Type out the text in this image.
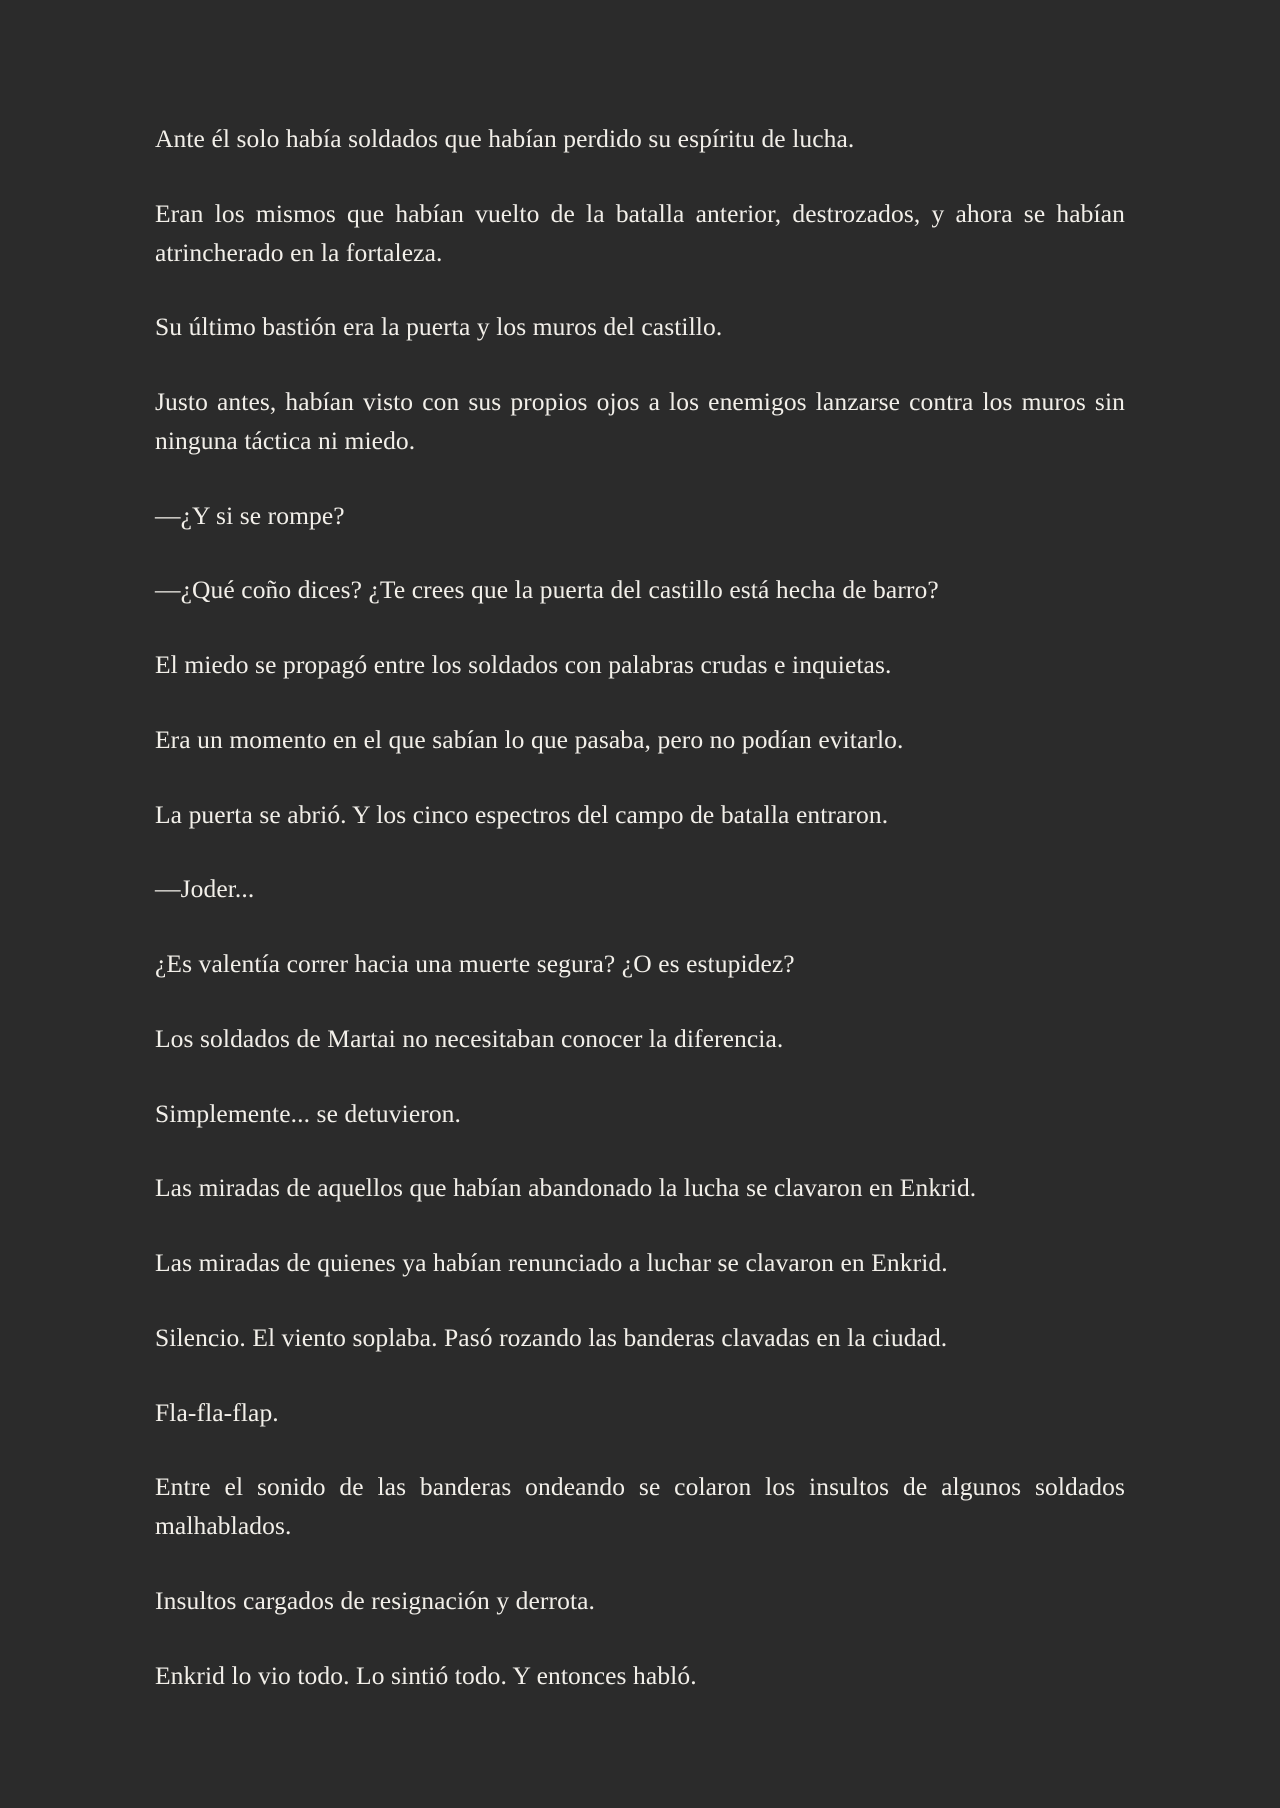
Ante él solo había soldados que habían perdido su espíritu de lucha.

Eran los mismos que habían vuelto de la batalla anterior, destrozados, y ahora se habían atrincherado en la fortaleza.

Su último bastión era la puerta y los muros del castillo.

Justo antes, habían visto con sus propios ojos a los enemigos lanzarse contra los muros sin ninguna táctica ni miedo.

—¿Y si se rompe?

—¿Qué coño dices? ¿Te crees que la puerta del castillo está hecha de barro?

El miedo se propagó entre los soldados con palabras crudas e inquietas.

Era un momento en el que sabían lo que pasaba, pero no podían evitarlo.

La puerta se abrió. Y los cinco espectros del campo de batalla entraron.

—Joder...

¿Es valentía correr hacia una muerte segura? ¿O es estupidez?

Los soldados de Martai no necesitaban conocer la diferencia.

Simplemente... se detuvieron.

Las miradas de aquellos que habían abandonado la lucha se clavaron en Enkrid.

Las miradas de quienes ya habían renunciado a luchar se clavaron en Enkrid.

Silencio. El viento soplaba. Pasó rozando las banderas clavadas en la ciudad.

Fla-fla-flap.

Entre el sonido de las banderas ondeando se colaron los insultos de algunos soldados malhablados.

Insultos cargados de resignación y derrota.

Enkrid lo vio todo. Lo sintió todo. Y entonces habló.
